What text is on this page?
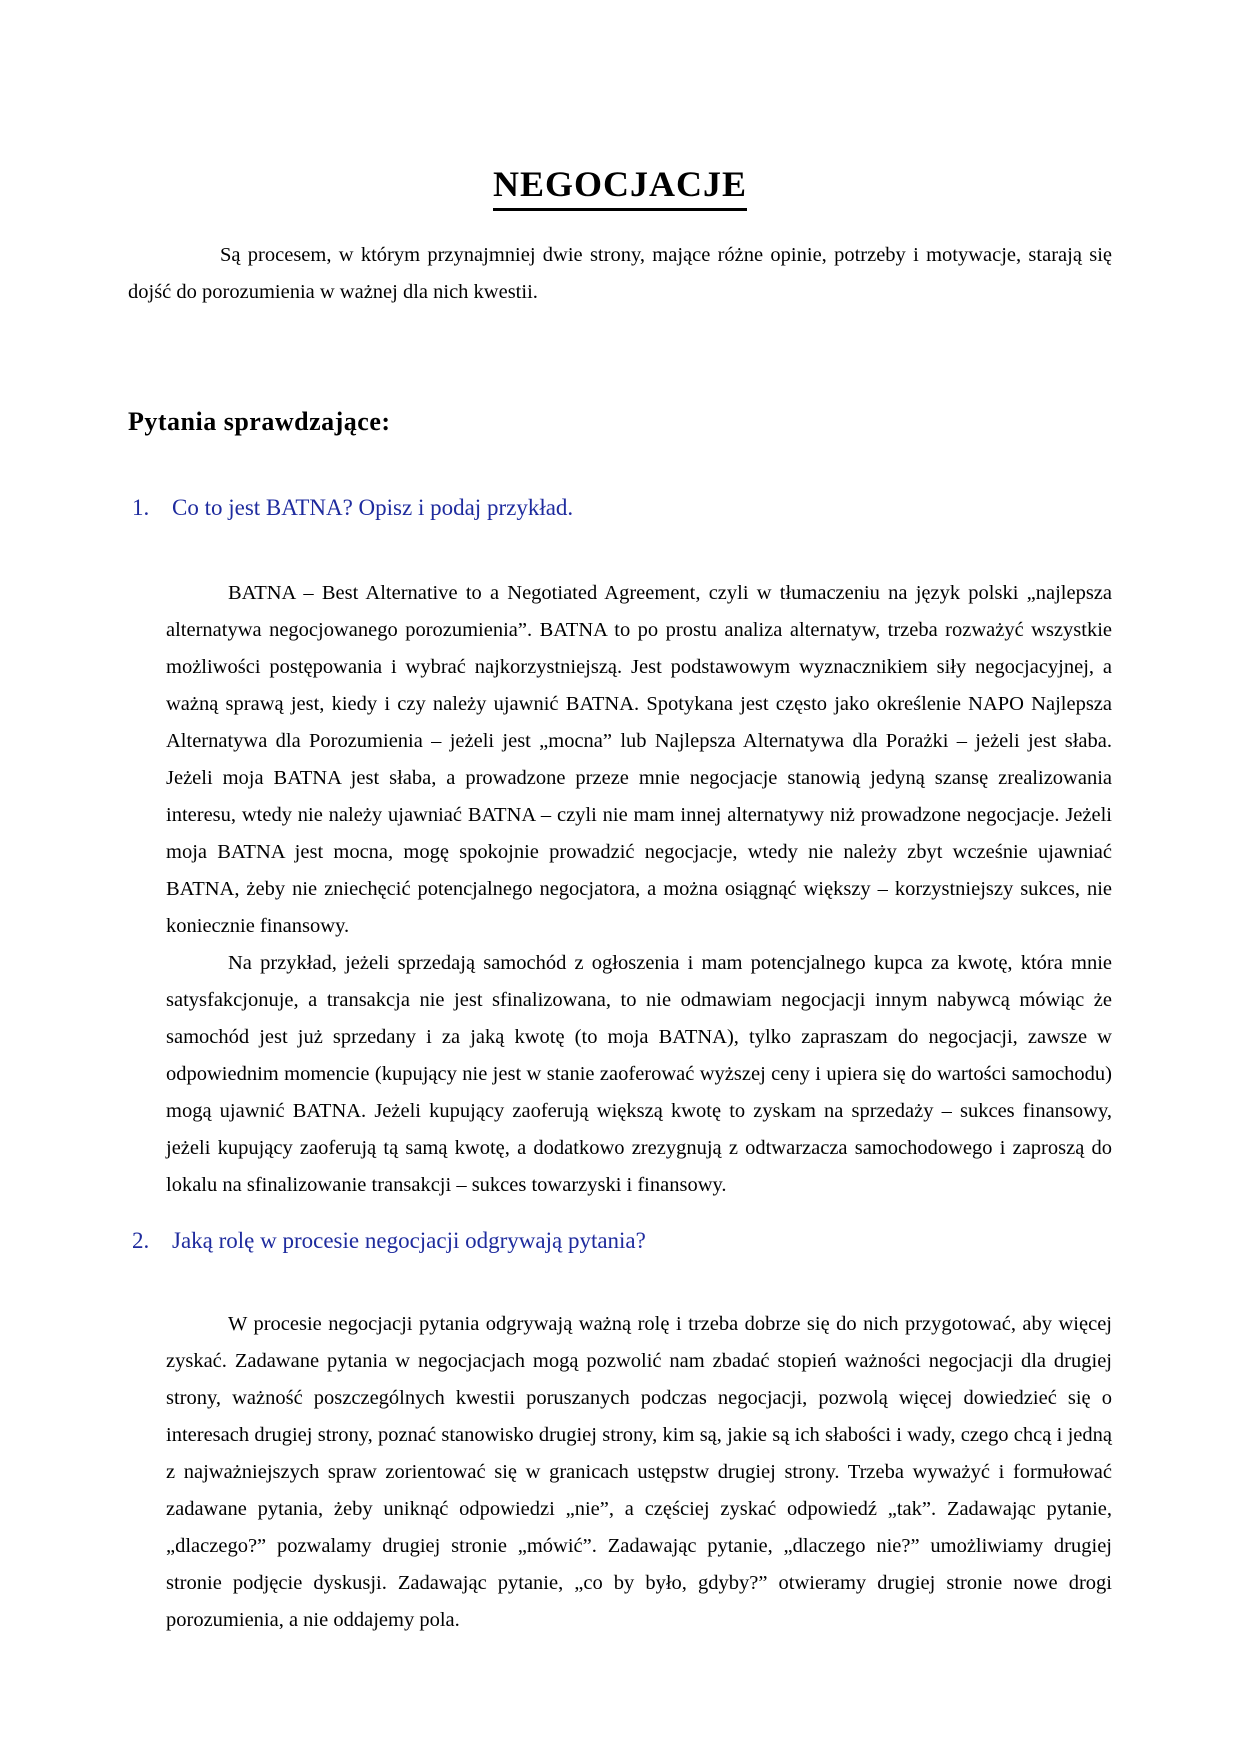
NEGOCJACJE

Są procesem, w którym przynajmniej dwie strony, mające różne opinie, potrzeby i motywacje, starają się dojść do porozumienia w ważnej dla nich kwestii.

Pytania sprawdzające:
1. Co to jest BATNA? Opisz i podaj przykład.

BATNA – Best Alternative to a Negotiated Agreement, czyli w tłumaczeniu na język polski „najlepsza alternatywa negocjowanego porozumienia”. BATNA to po prostu analiza alternatyw, trzeba rozważyć wszystkie możliwości postępowania i wybrać najkorzystniejszą. Jest podstawowym wyznacznikiem siły negocjacyjnej, a ważną sprawą jest, kiedy i czy należy ujawnić BATNA. Spotykana jest często jako określenie NAPO Najlepsza Alternatywa dla Porozumienia – jeżeli jest „mocna” lub Najlepsza Alternatywa dla Porażki – jeżeli jest słaba. Jeżeli moja BATNA jest słaba, a prowadzone przeze mnie negocjacje stanowią jedyną szansę zrealizowania interesu, wtedy nie należy ujawniać BATNA – czyli nie mam innej alternatywy niż prowadzone negocjacje. Jeżeli moja BATNA jest mocna, mogę spokojnie prowadzić negocjacje, wtedy nie należy zbyt wcześnie ujawniać BATNA, żeby nie zniechęcić potencjalnego negocjatora, a można osiągnąć większy – korzystniejszy sukces, nie koniecznie finansowy.

Na przykład, jeżeli sprzedają samochód z ogłoszenia i mam potencjalnego kupca za kwotę, która mnie satysfakcjonuje, a transakcja nie jest sfinalizowana, to nie odmawiam negocjacji innym nabywcą mówiąc że samochód jest już sprzedany i za jaką kwotę (to moja BATNA), tylko zapraszam do negocjacji, zawsze w odpowiednim momencie (kupujący nie jest w stanie zaoferować wyższej ceny i upiera się do wartości samochodu) mogą ujawnić BATNA. Jeżeli kupujący zaoferują większą kwotę to zyskam na sprzedaży – sukces finansowy, jeżeli kupujący zaoferują tą samą kwotę, a dodatkowo zrezygnują z odtwarzacza samochodowego i zaproszą do lokalu na sfinalizowanie transakcji – sukces towarzyski i finansowy.

2. Jaką rolę w procesie negocjacji odgrywają pytania?

W procesie negocjacji pytania odgrywają ważną rolę i trzeba dobrze się do nich przygotować, aby więcej zyskać. Zadawane pytania w negocjacjach mogą pozwolić nam zbadać stopień ważności negocjacji dla drugiej strony, ważność poszczególnych kwestii poruszanych podczas negocjacji, pozwolą więcej dowiedzieć się o interesach drugiej strony, poznać stanowisko drugiej strony, kim są, jakie są ich słabości i wady, czego chcą i jedną z najważniejszych spraw zorientować się w granicach ustępstw drugiej strony. Trzeba wyważyć i formułować zadawane pytania, żeby uniknąć odpowiedzi „nie”, a częściej zyskać odpowiedź „tak”. Zadawając pytanie, „dlaczego?” pozwalamy drugiej stronie „mówić”. Zadawając pytanie, „dlaczego nie?” umożliwiamy drugiej stronie podjęcie dyskusji. Zadawając pytanie, „co by było, gdyby?” otwieramy drugiej stronie nowe drogi porozumienia, a nie oddajemy pola.
